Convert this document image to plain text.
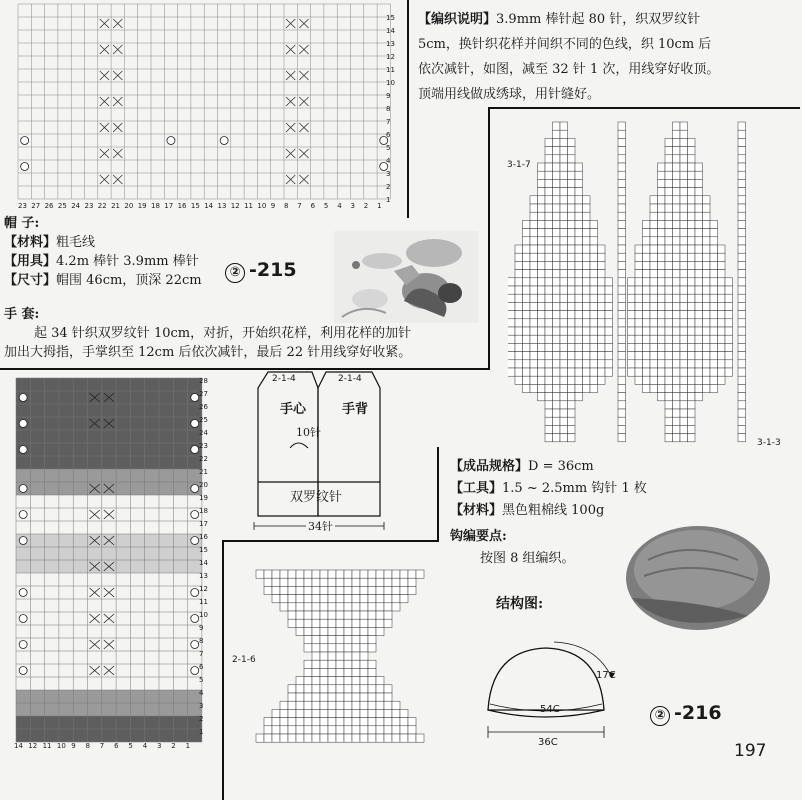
23 27 26 25 24 23 22 21 20 19 18 17 16 15 14 13 12 11 10 9 8 7 6 5 4 3 2 1
1
2
3
4
5
6
7
8
9
10
11
12
13
14
15 【编织说明】3.9mm 棒针起 80 针，织双罗纹针
5cm，换针织花样并间织不同的色线，织 10cm 后
依次减针，如图，减至 32 针 1 次，用线穿好收顶。
顶端用线做成绣球，用针缝好。
帽 子:
【材料】粗毛线
【用具】4.2m 棒针 3.9mm 棒针
【尺寸】帽围 46cm，顶深 22cm
② -215
手 套:
起 34 针织双罗纹针 10cm，对折，开始织花样，利用花样的加针
加出大拇指，手掌织至 12cm 后依次减针，最后 22 针用线穿好收紧。
14 12 11 10 9 8 7 6 5 4 3 2 1
1
2
3
4
5
6
7
8
9
10
11
12
13
14
15
16
17
18
19
20
21
22
23
24
25
26
27
28	2-1-4	2-1-4
手心	手背
10针
双罗纹针
34针
3-1-7
3-1-3
【成品规格】D = 36cm
【工具】1.5 ~ 2.5mm 钩针 1 枚
【材料】黑色粗棉线 100g
钩编要点:
按图 8 组编织。
结构图:
54C
36C
17C
② -216
2-1-6
197
